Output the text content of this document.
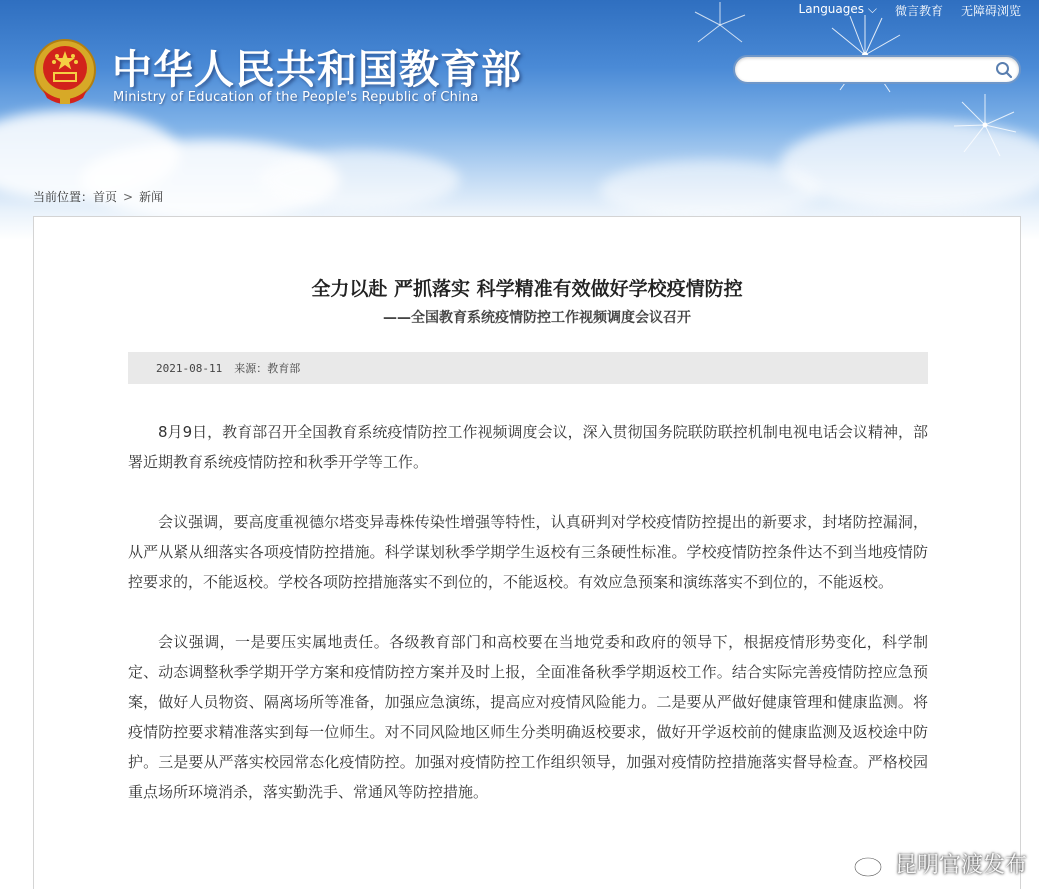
Languages ⌵ 微言教育 无障碍浏览
中华人民共和国教育部
Ministry of Education of the People's Republic of China
当前位置： 首页 > 新闻
全力以赴 严抓落实 科学精准有效做好学校疫情防控
——全国教育系统疫情防控工作视频调度会议召开
2021-08-11 来源：教育部

8月9日，教育部召开全国教育系统疫情防控工作视频调度会议，深入贯彻国务院联防联控机制电视电话会议精神，部署近期教育系统疫情防控和秋季开学等工作。

会议强调，要高度重视德尔塔变异毒株传染性增强等特性，认真研判对学校疫情防控提出的新要求，封堵防控漏洞，从严从紧从细落实各项疫情防控措施。科学谋划秋季学期学生返校有三条硬性标准。学校疫情防控条件达不到当地疫情防控要求的，不能返校。学校各项防控措施落实不到位的，不能返校。有效应急预案和演练落实不到位的，不能返校。

会议强调，一是要压实属地责任。各级教育部门和高校要在当地党委和政府的领导下，根据疫情形势变化，科学制定、动态调整秋季学期开学方案和疫情防控方案并及时上报，全面准备秋季学期返校工作。结合实际完善疫情防控应急预案，做好人员物资、隔离场所等准备，加强应急演练，提高应对疫情风险能力。二是要从严做好健康管理和健康监测。将疫情防控要求精准落实到每一位师生。对不同风险地区师生分类明确返校要求，做好开学返校前的健康监测及返校途中防护。三是要从严落实校园常态化疫情防控。加强对疫情防控工作组织领导，加强对疫情防控措施落实督导检查。严格校园重点场所环境消杀，落实勤洗手、常通风等防控措施。

昆明官渡发布
